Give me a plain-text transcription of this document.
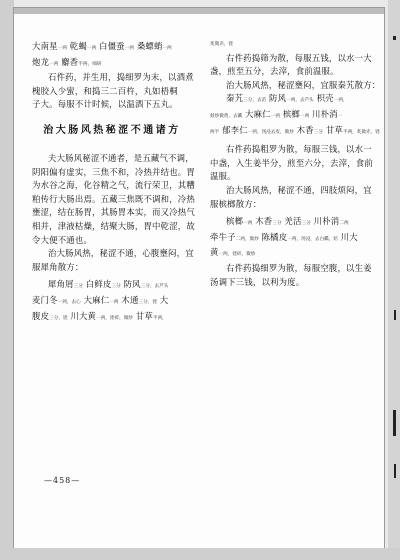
大南星一两 乾蝎一两 白僵蚕一两 桑螵蛸一两
炮龙一两 麝香半两，细研
石件药，并生用，捣细罗为末，以酒煮
槐胶入少蜜，和捣三二百杵，丸如梧桐
子大。每服不计时候，以温酒下五丸。
治大肠风热秘涩不通诸方
夫大肠风秘涩不通者，是五藏气不调，
阴阳偏有虚实，三焦不和，冷热并结也。胃
为水谷之海，化谷精之气，流行荣卫，其糟
粕传行大肠出焉。五藏三焦既不调和，冷热
壅涩，结在肠胃，其肠胃本实，而又冷热气
相并，津液枯燥，结聚大肠，胃中乾涩，故
令大便不通也。
治大肠风热，秘涩不通，心腹壅闷，宜
服犀角散方：
犀角屑三分 白鲜皮三分 防风三分，去芦头
麦门冬一两，去心 大麻仁一两 木通三分，锉 大
腹皮三分，锉 川大黄一两，锉碎，微炒 甘草半两，
炙微赤，锉
右件药捣筛为散，每服五钱，以水一大
盏，煎至五分，去滓，食前温服。
治大肠风热，秘涩壅闷，宜服秦艽散方：
秦艽三分，去苗 防风一两，去芦头 枳壳一两，
麸炒微黄，去瓤 大麻仁一两 槟榔一两 川朴消一
两半 郁李仁一两，汤浸去皮，微炒 木香三分 甘草半两，炙微赤，锉
右件药捣粗罗为散，每服三钱，以水一
中盏，入生姜半分，煎至六分，去滓，食前
温服。
治大肠风热，秘涩不通，四肢烦闷，宜
服槟榔散方：
槟榔一两 木香三分 羌活三分 川朴消二两
牵牛子二两，微炒 陈橘皮一两，汤浸，去白瓤，焙 川大
黄一两，锉碎，微炒
右件药捣细罗为散，每服空腹，以生姜
汤调下三钱，以利为度。
—458—
